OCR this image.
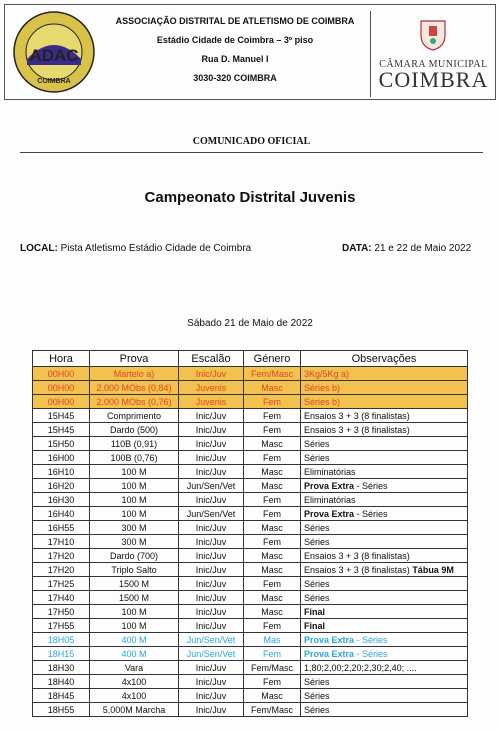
ADAC
COIMBRA
ASSOCIAÇÃO DISTRITAL DE ATLETISMO DE COIMBRA
Estádio Cidade de Coimbra – 3º piso
Rua D. Manuel I
3030-320 COIMBRA
CÂMARA MUNICIPAL
COIMBRA
COMUNICADO OFICIAL
Campeonato Distrital Juvenis
LOCAL: Pista Atletismo Estádio Cidade de Coimbra	DATA: 21 e 22 de Maio 2022
Sábado 21 de Maio de 2022
Hora	Prova	Escalão	Género	Observações
00H00	Martelo a)	Inic/Juv	Fem/Masc	3Kg/5Kg a)
00H00	2.000 MObs (0,84)	Juvenis	Masc	Séries b)
00H00	2.000 MObs (0,76)	Juvenis	Fem	Séries b)
15H45	Comprimento	Inic/Juv	Fem	Ensaios 3 + 3 (8 finalistas)
15H45	Dardo (500)	Inic/Juv	Fem	Ensaios 3 + 3 (8 finalistas)
15H50	110B (0,91)	Inic/Juv	Masc	Séries
16H00	100B (0,76)	Inic/Juv	Fem	Séries
16H10	100 M	Inic/Juv	Masc	Eliminatórias
16H20	100 M	Jun/Sen/Vet	Masc	Prova Extra - Séries
16H30	100 M	Inic/Juv	Fem	Eliminatórias
16H40	100 M	Jun/Sen/Vet	Fem	Prova Extra - Séries
16H55	300 M	Inic/Juv	Masc	Séries
17H10	300 M	Inic/Juv	Fem	Séries
17H20	Dardo (700)	Inic/Juv	Masc	Ensaios 3 + 3 (8 finalistas)
17H20	Triplo Salto	Inic/Juv	Masc	Ensaios 3 + 3 (8 finalistas) Tábua 9M
17H25	1500 M	Inic/Juv	Fem	Séries
17H40	1500 M	Inic/Juv	Masc	Séries
17H50	100 M	Inic/Juv	Masc	Final
17H55	100 M	Inic/Juv	Fem	Final
18H05	400 M	Jun/Sen/Vet	Mas	Prova Extra - Séries
18H15	400 M	Jun/Sen/Vet	Fem	Prova Extra - Séries
18H30	Vara	Inic/Juv	Fem/Masc	1,80;2,00;2,20;2,30;2,40; ....
18H40	4x100	Inic/Juv	Fem	Séries
18H45	4x100	Inic/Juv	Masc	Séries
18H55	5.000M Marcha	Inic/Juv	Fem/Masc	Séries
